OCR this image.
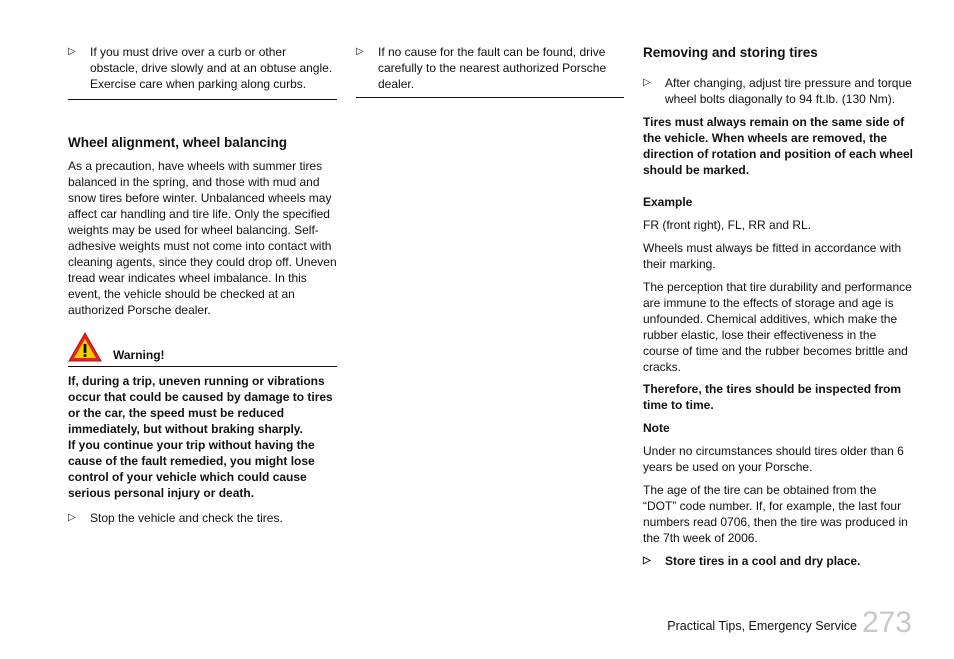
▷	If you must drive over a curb or other obstacle, drive slowly and at an obtuse angle. Exercise care when parking along curbs.
Wheel alignment, wheel balancing

As a precaution, have wheels with summer tires balanced in the spring, and those with mud and snow tires before winter. Unbalanced wheels may affect car handling and tire life. Only the specified weights may be used for wheel balancing. Self-adhesive weights must not come into contact with cleaning agents, since they could drop off. Uneven tread wear indicates wheel imbalance. In this event, the vehicle should be checked at an authorized Porsche dealer.

Warning!

If, during a trip, uneven running or vibrations occur that could be caused by damage to tires or the car, the speed must be reduced immediately, but without braking sharply.

If you continue your trip without having the cause of the fault remedied, you might lose control of your vehicle which could cause serious personal injury or death.

▷	Stop the vehicle and check the tires.
▷	If no cause for the fault can be found, drive carefully to the nearest authorized Porsche dealer.
Removing and storing tires
▷	After changing, adjust tire pressure and torque wheel bolts diagonally to 94 ft.lb. (130 Nm).

Tires must always remain on the same side of the vehicle. When wheels are removed, the direction of rotation and position of each wheel should be marked.

Example

FR (front right), FL, RR and RL.

Wheels must always be fitted in accordance with their marking.

The perception that tire durability and performance are immune to the effects of storage and age is unfounded. Chemical additives, which make the rubber elastic, lose their effectiveness in the course of time and the rubber becomes brittle and cracks.

Therefore, the tires should be inspected from time to time.

Note

Under no circumstances should tires older than 6 years be used on your Porsche.

The age of the tire can be obtained from the “DOT” code number. If, for example, the last four numbers read 0706, then the tire was produced in the 7th week of 2006.

▷	Store tires in a cool and dry place.
Practical Tips, Emergency Service 273
